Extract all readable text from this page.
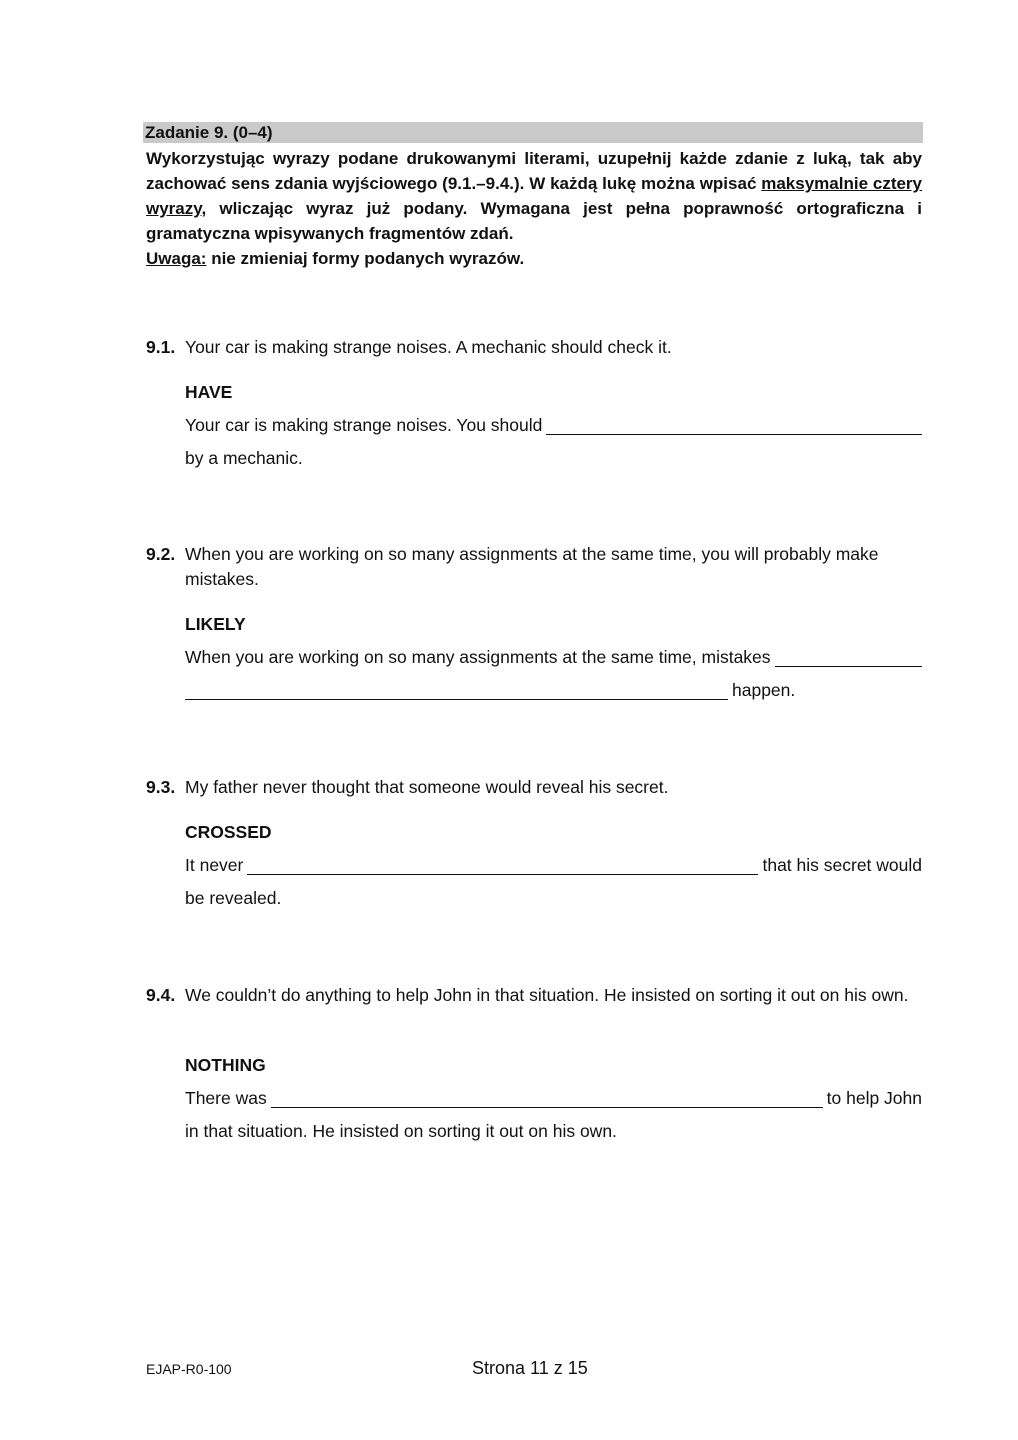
Zadanie 9. (0–4)

Wykorzystując wyrazy podane drukowanymi literami, uzupełnij każde zdanie z luką, tak aby zachować sens zdania wyjściowego (9.1.–9.4.). W każdą lukę można wpisać maksymalnie cztery wyrazy, wliczając wyraz już podany. Wymagana jest pełna poprawność ortograficzna i gramatyczna wpisywanych fragmentów zdań.

Uwaga: nie zmieniaj formy podanych wyrazów.

9.1. Your car is making strange noises. A mechanic should check it.
HAVE
Your car is making strange noises. You should
by a mechanic.
9.2. When you are working on so many assignments at the same time, you will probably make mistakes.
LIKELY
When you are working on so many assignments at the same time, mistakes
happen.
9.3. My father never thought that someone would reveal his secret.
CROSSED
It never	that his secret would
be revealed.
9.4. We couldn’t do anything to help John in that situation. He insisted on sorting it out on his own.
NOTHING
There was	to help John
in that situation. He insisted on sorting it out on his own.
EJAP-R0-100	Strona 11 z 15
